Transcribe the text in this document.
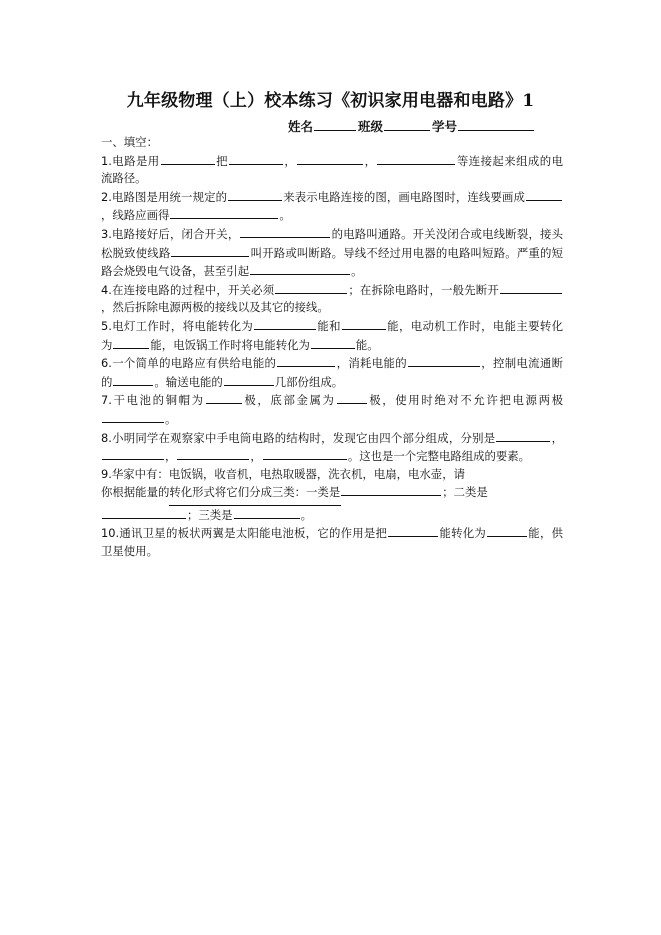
九年级物理（上）校本练习《初识家用电器和电路》1
姓名	班级	学号

一、填空：

1.电路是用	把	，	，	等连接起来组成的电流路径。

2.电路图是用统一规定的	来表示电路连接的图，画电路图时，连线要画成，线路应画得	。

3.电路接好后，闭合开关，	的电路叫通路。开关没闭合或电线断裂，接头松脱致使线路	叫开路或叫断路。导线不经过用电器的电路叫短路。严重的短路会烧毁电气设备，甚至引起	。

4.在连接电路的过程中，开关必须	；在拆除电路时，一般先断开，然后拆除电源两极的接线以及其它的接线。

5.电灯工作时，将电能转化为	能和	能，电动机工作时，电能主要转化为	能，电饭锅工作时将电能转化为	能。

6.一个简单的电路应有供给电能的	，消耗电能的	，控制电流通断的	。输送电能的	几部份组成。

7.干电池的铜帽为	极，底部金属为	极，使用时绝对不允许把电源两极。

8.小明同学在观察家中手电筒电路的结构时，发现它由四个部分组成，分别是	，，	，	。这也是一个完整电路组成的要素。

9.华家中有：电饭锅，收音机，电热取暖器，洗衣机，电扇，电水壶，请
你根据能量的转化形式将它们分成三类：一类是	；二类是
；三类是	。

10.通讯卫星的板状两翼是太阳能电池板，它的作用是把	能转化为	能，供卫星使用。
